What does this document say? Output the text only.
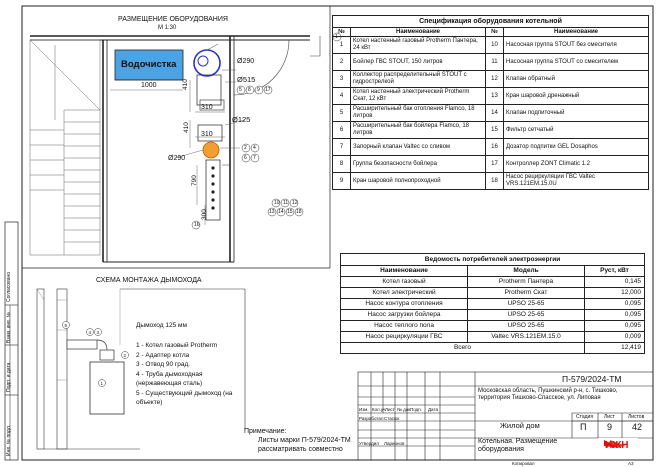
Согласовано
Взам. инв. №
Подп. и дата
Инв. № подл.
РАЗМЕЩЕНИЕ ОБОРУДОВАНИЯ
М 1:30
Водочистка
1000	410
310
410
310
790
300
Ø290
Ø515
Ø125
Ø290
1
5 8 9 17
2 4
6 7
10 11 12
13 14 15 18
16
Спецификация оборудования котельной			
№	Наименование	№	Наименование
1	Котел настенный газовый Protherm Пантера, 24 кВт	10	Насосная группа STOUT без смесителя
2	Бойлер ГВС STOUT, 150 литров	11	Насосная группа STOUT со смесителем
3	Коллектор распределительный STOUT с гидрострелкой	12	Клапан обратный
4	Котел настенный электрический Protherm Скат, 12 кВт	13	Кран шаровой дренажный
5	Расширительный бак отопления Flamco, 18 литров	14	Клапан подпиточный
6	Расширительный бак бойлера Flamco, 18 литров	15	Фильтр сетчатый
7	Запорный клапан Valtec со сливом	16	Дозатор подпитки GEL Dosaphos
8	Группа безопасности бойлера	17	Контроллер ZONT Climatic 1.2
9	Кран шаровой полнопроходной	18	Насос рециркуляции ГВС Valtec VRS.121EM.15.0U
Ведомость потребителей электроэнергии		
Наименование	Модель	Руст, кВт
Котел газовый	Protherm Пантера	0,145
Котел электрический	Protherm Скат	12,000
Насос контура отопления	UPSO 25-65	0,095
Насос загрузки бойлера	UPSO 25-65	0,095
Насос теплого пола	UPSO 25-65	0,095
Насос рециркуляции ГВС	Valtec VRS.121EM.15.0	0,009
Всего		12,419
СХЕМА МОНТАЖА ДЫМОХОДА
Дымоход 125 мм
1 - Котел газовый Protherm
2 - Адаптер котла
3 - Отвод 90 град.
4 - Труба дымоходная
(нержавеющая сталь)
5 - Существующий дымоход (на
объекте)
5
4 3
2
1
Примечание:
Листы марки П-579/2024-ТМ
рассматривать совместно
П-579/2024-ТМ
Московская область, Пушкинский р-н, с. Тишково, территория Тишково-Спасское, ул. Липовая
Жилой дом
Котельная. Размещение оборудования
Изм. Кол.уч Лист № док.
Подп. Дата
Разработал Стасюк
Утвердил Ларионов
Стадия Лист	Листов
П 9 42
ИЖН
Копировал	А3
